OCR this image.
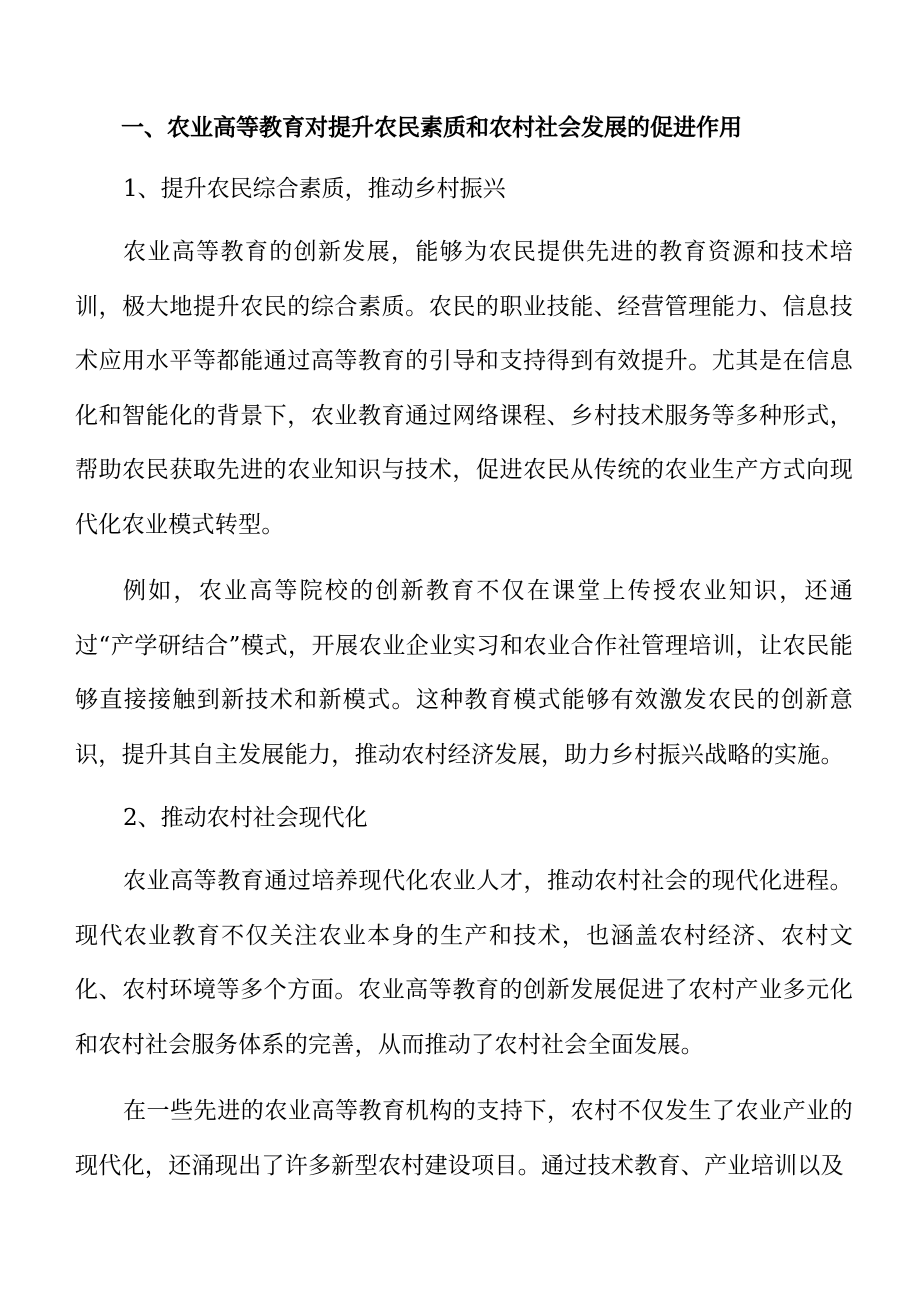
一、农业高等教育对提升农民素质和农村社会发展的促进作用
1、提升农民综合素质，推动乡村振兴

农业高等教育的创新发展，能够为农民提供先进的教育资源和技术培训，极大地提升农民的综合素质。农民的职业技能、经营管理能力、信息技术应用水平等都能通过高等教育的引导和支持得到有效提升。尤其是在信息化和智能化的背景下，农业教育通过网络课程、乡村技术服务等多种形式，帮助农民获取先进的农业知识与技术，促进农民从传统的农业生产方式向现代化农业模式转型。

例如，农业高等院校的创新教育不仅在课堂上传授农业知识，还通过“产学研结合”模式，开展农业企业实习和农业合作社管理培训，让农民能够直接接触到新技术和新模式。这种教育模式能够有效激发农民的创新意识，提升其自主发展能力，推动农村经济发展，助力乡村振兴战略的实施。

2、推动农村社会现代化

农业高等教育通过培养现代化农业人才，推动农村社会的现代化进程。现代农业教育不仅关注农业本身的生产和技术，也涵盖农村经济、农村文化、农村环境等多个方面。农业高等教育的创新发展促进了农村产业多元化和农村社会服务体系的完善，从而推动了农村社会全面发展。

在一些先进的农业高等教育机构的支持下，农村不仅发生了农业产业的现代化，还涌现出了许多新型农村建设项目。通过技术教育、产业培训以及
